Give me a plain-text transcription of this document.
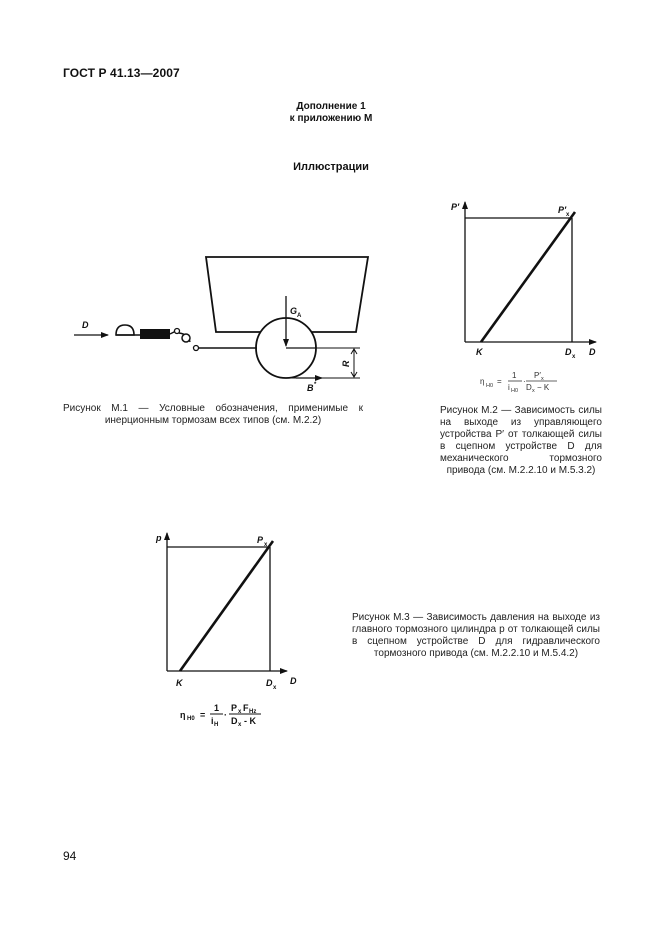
ГОСТ Р 41.13—2007
Дополнение 1
к приложению М
Иллюстрации
D
G A
R
B *
P′	P′ x
K	D x D
η H0 =
1
i H0
·
P′ x
D x − K
p	P x
K	D x
D
η H0 =
1
i H
·
P x F Hz
D x - K
Рисунок М.1 — Условные обозначения, применимые к инерционным тормозам всех типов (см. М.2.2)
Рисунок М.2 — Зависимость силы на выходе из управляющего устройства P′ от толкающей силы в сцепном устройстве D для механического тормозного привода (см. М.2.2.10 и М.5.3.2)
Рисунок М.3 — Зависимость давления на выходе из главного тормозного цилиндра p от толкающей силы в сцепном устройстве D для гидравлического тормозного привода (см. М.2.2.10 и М.5.4.2)
94
